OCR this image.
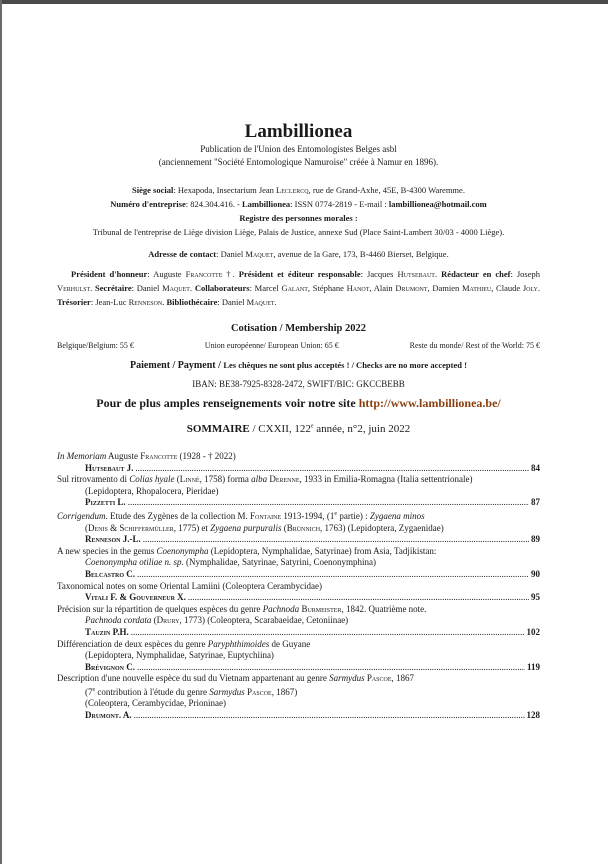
Lambillionea
Publication de l'Union des Entomologistes Belges asbl
(anciennement "Société Entomologique Namuroise" créée à Namur en 1896).
Siège social: Hexapoda, Insectarium Jean Leclercq, rue de Grand-Axhe, 45E, B-4300 Waremme.
Numéro d'entreprise: 824.304.416. - Lambillionea: ISSN 0774-2819 - E-mail : lambillionea@hotmail.com
Registre des personnes morales :
Tribunal de l'entreprise de Liège division Liège, Palais de Justice, annexe Sud (Place Saint-Lambert 30/03 - 4000 Liège).
Adresse de contact: Daniel Maquet, avenue de la Gare, 173, B-4460 Bierset, Belgique.
Président d'honneur: Auguste Francotte †. Président et éditeur responsable: Jacques Hutsebaut. Rédacteur en chef: Joseph Verhulst. Secrétaire: Daniel Maquet. Collaborateurs: Marcel Galant, Stéphane Hanot, Alain Drumont, Damien Mathieu, Claude Joly. Trésorier: Jean-Luc Renneson. Bibliothécaire: Daniel Maquet.
Cotisation / Membership 2022
Belgique/Belgium: 55 €	Union européenne/ European Union: 65 €	Reste du monde/ Rest of the World: 75 €
Paiement / Payment / Les chèques ne sont plus acceptés ! / Checks are no more accepted !
IBAN: BE38-7925-8328-2472, SWIFT/BIC: GKCCBEBB
Pour de plus amples renseignements voir notre site http://www.lambillionea.be/
SOMMAIRE / CXXII, 122e année, n°2, juin 2022
In Memoriam Auguste Francotte (1928 - † 2022)
Hutsebaut J. .....	84
Sul ritrovamento di Colias hyale (Linné, 1758) forma alba Derenne, 1933 in Emilia-Romagna (Italia settentrionale)
(Lepidoptera, Rhopalocera, Pieridae)
Pizzetti L. .....	87
Corrigendum. Etude des Zygènes de la collection M. Fontaine 1913-1994, (1e partie) : Zygaena minos
(Denis & Schiffermüller, 1775) et Zygaena purpuralis (Brünnich, 1763) (Lepidoptera, Zygaenidae)
Renneson J.-L. .....	89
A new species in the genus Coenonympha (Lepidoptera, Nymphalidae, Satyrinae) from Asia, Tadjikistan:
Coenonympha otiliae n. sp. (Nymphalidae, Satyrinae, Satyrini, Coenonymphina)
Belcastro C. .....	90
Taxonomical notes on some Oriental Lamiini (Coleoptera Cerambycidae)
Vitali F. & Gouverneur X. .....	95
Précision sur la répartition de quelques espèces du genre Pachnoda Burmeister, 1842. Quatrième note.
Pachnoda cordata (Drury, 1773) (Coleoptera, Scarabaeidae, Cetoniinae)
Tauzin P.H. .....	102
Différenciation de deux espèces du genre Paryphthimoides de Guyane
(Lepidoptera, Nymphalidae, Satyrinae, Euptychiina)
Brévignon C. .....	119
Description d'une nouvelle espèce du sud du Vietnam appartenant au genre Sarmydus Pascoe, 1867
(7e contribution à l'étude du genre Sarmydus Pascoe, 1867)
(Coleoptera, Cerambycidae, Prioninae)
Drumont. A. .....	128
